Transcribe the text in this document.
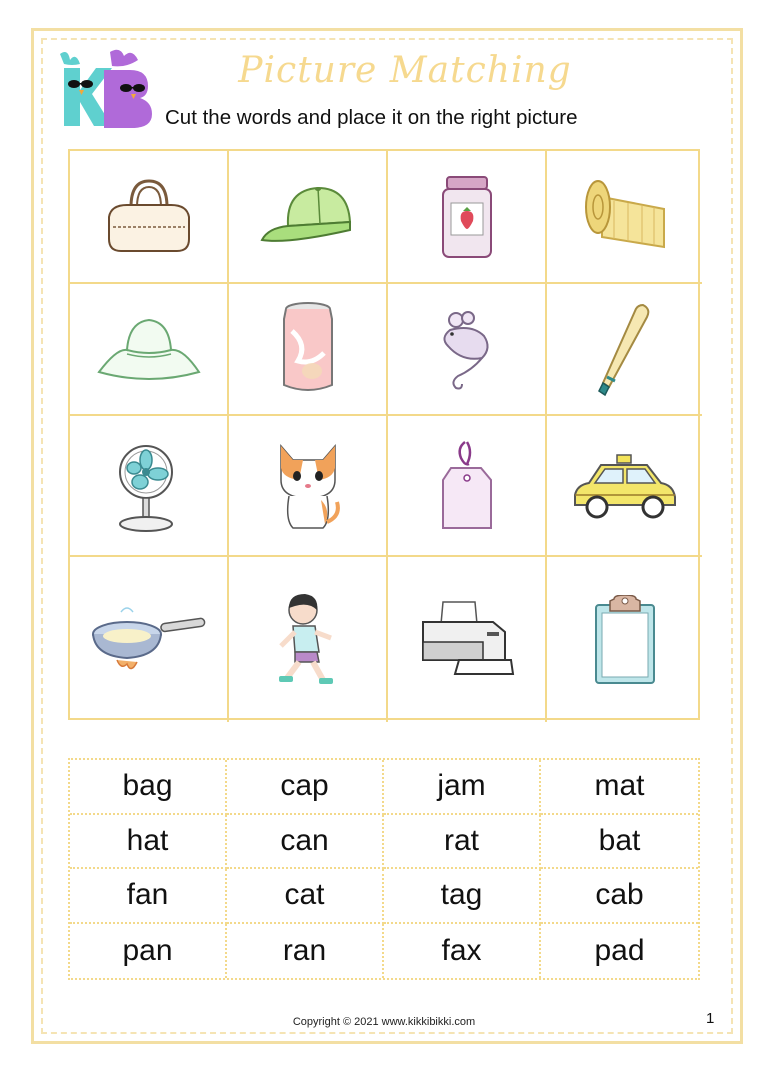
Picture Matching
Cut the words and place it on the right picture
bag	cap	jam	mat
hat	can	rat	bat
fan	cat	tag	cab
pan	ran	fax	pad
Copyright © 2021 www.kikkibikki.com	1
